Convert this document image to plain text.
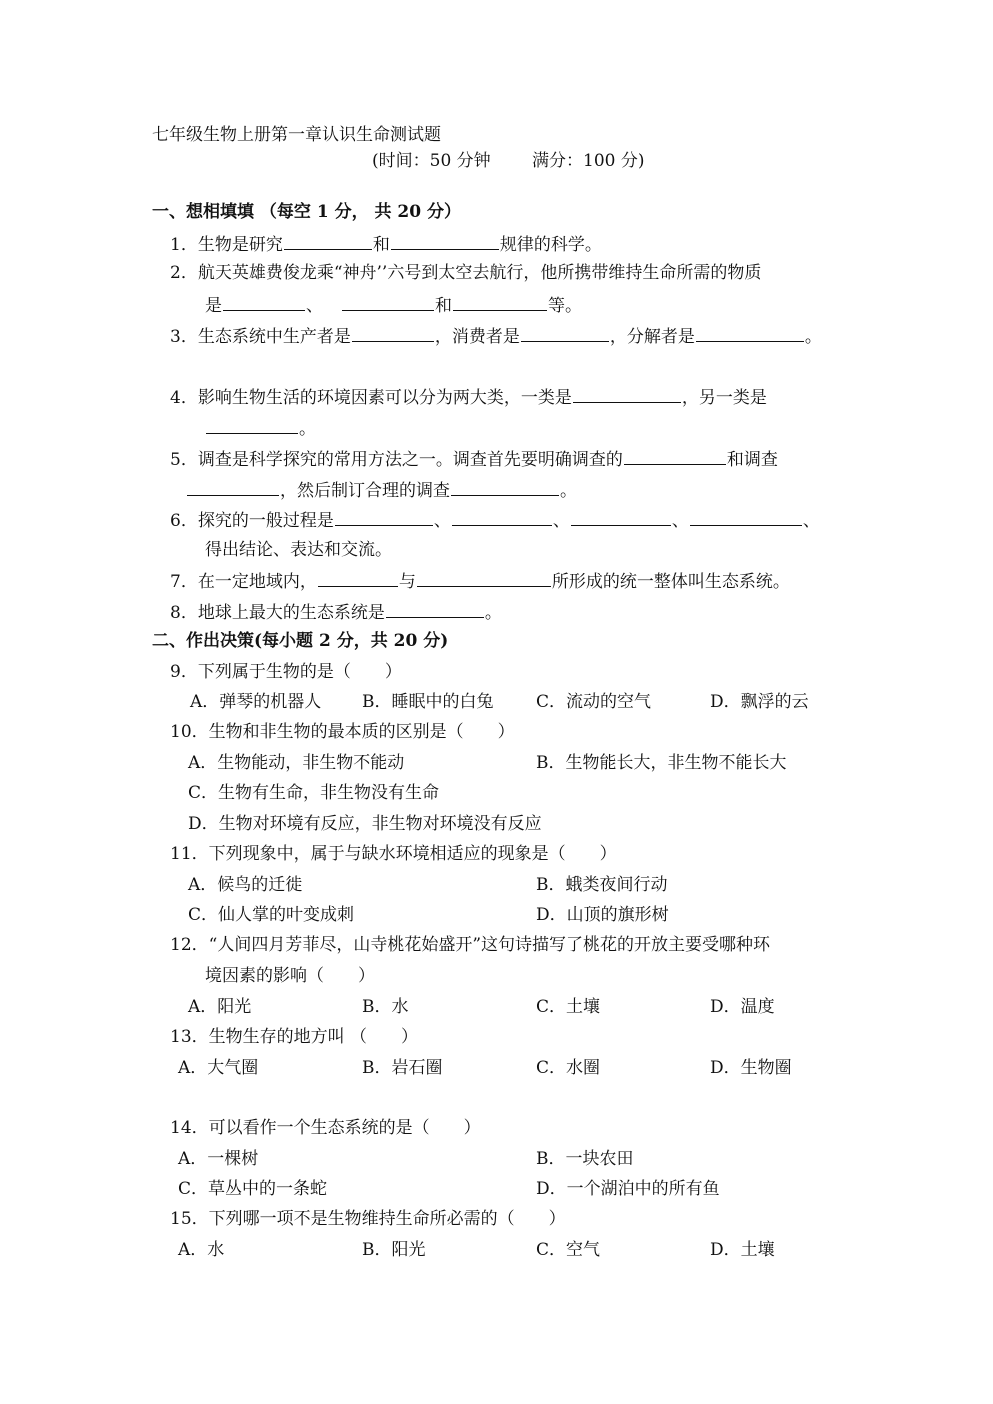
七年级生物上册第一章认识生命测试题
(时间：50 分钟 满分：100 分)
一、想相填填 （每空 1 分， 共 20 分）
1．生物是研究	和	规律的科学。
2．航天英雄费俊龙乘“神舟’’六号到太空去航行，他所携带维持生命所需的物质
是	、	和	等。
3．生态系统中生产者是	，消费者是	，分解者是	。
4．影响生物生活的环境因素可以分为两大类，一类是	，另一类是
。
5．调查是科学探究的常用方法之一。调查首先要明确调查的	和调查
，然后制订合理的调查	。
6．探究的一般过程是	、	、	、	、
得出结论、表达和交流。
7．在一定地域内，	与	所形成的统一整体叫生态系统。
8．地球上最大的生态系统是	。
二、作出决策(每小题 2 分，共 20 分)
9．下列属于生物的是（　　）
A．弹琴的机器人 B．睡眠中的白兔	C．流动的空气	D．飘浮的云
10．生物和非生物的最本质的区别是（　　）
A．生物能动，非生物不能动	B．生物能长大，非生物不能长大
C．生物有生命，非生物没有生命
D．生物对环境有反应，非生物对环境没有反应
11．下列现象中，属于与缺水环境相适应的现象是（　　）
A．候鸟的迁徙	B．蛾类夜间行动
C．仙人掌的叶变成刺	D．山顶的旗形树
12．“人间四月芳菲尽，山寺桃花始盛开”这句诗描写了桃花的开放主要受哪种环
境因素的影响（　　）
A．阳光	B．水	C．土壤	D．温度
13．生物生存的地方叫 （　　）
A．大气圈	B．岩石圈	C．水圈	D．生物圈
14．可以看作一个生态系统的是（　　）
A．一棵树	B．一块农田
C．草丛中的一条蛇	D．一个湖泊中的所有鱼
15．下列哪一项不是生物维持生命所必需的（　　）
A．水	B．阳光	C．空气	D．土壤
